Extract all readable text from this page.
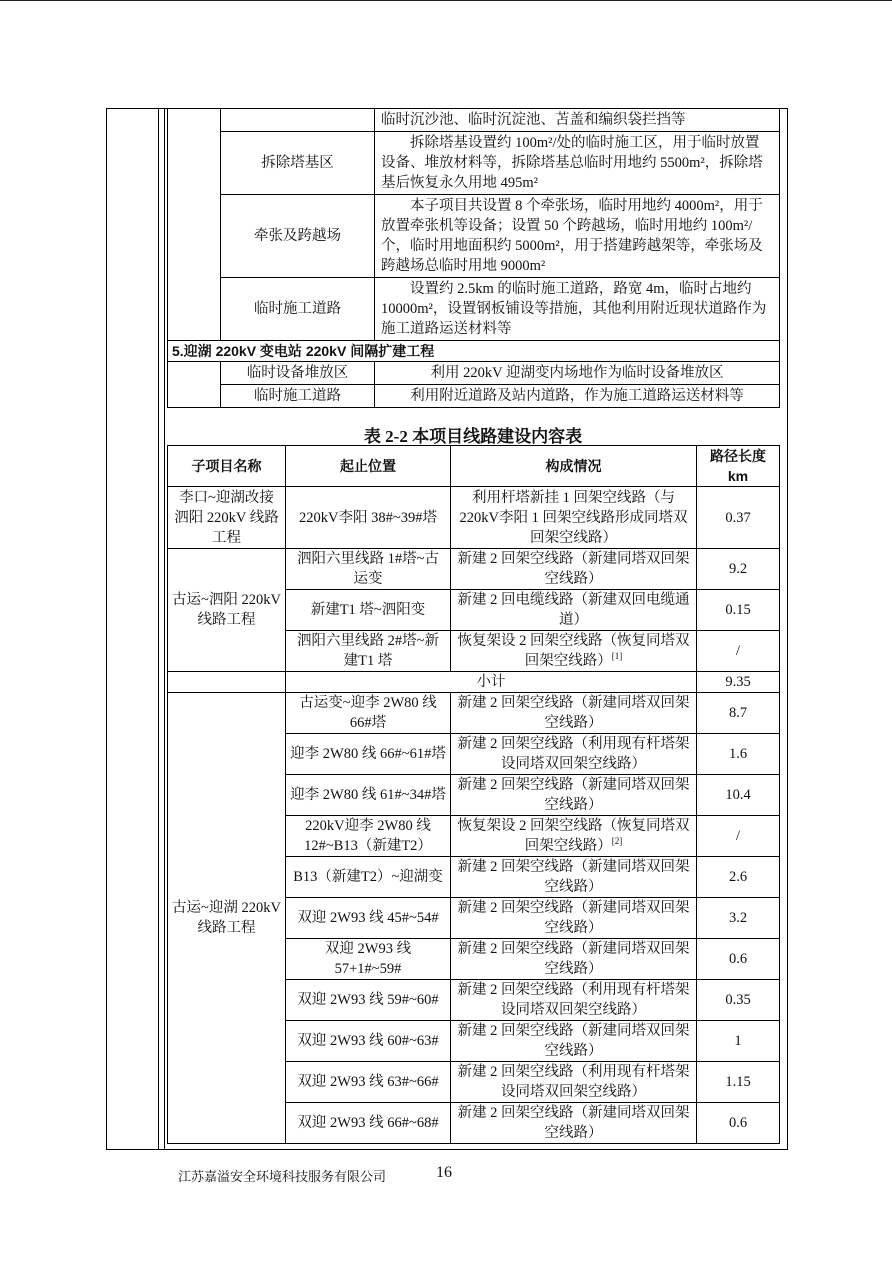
		临时沉沙池、临时沉淀池、苫盖和编织袋拦挡等
	拆除塔基区	拆除塔基设置约 100m²/处的临时施工区，用于临时放置设备、堆放材料等，拆除塔基总临时用地约 5500m²，拆除塔基后恢复永久用地 495m²
	牵张及跨越场	本子项目共设置 8 个牵张场，临时用地约 4000m²，用于放置牵张机等设备；设置 50 个跨越场，临时用地约 100m²/个，临时用地面积约 5000m²，用于搭建跨越架等，牵张场及跨越场总临时用地 9000m²
	临时施工道路	设置约 2.5km 的临时施工道路，路宽 4m，临时占地约 10000m²，设置钢板铺设等措施，其他利用附近现状道路作为施工道路运送材料等
5.迎湖 220kV 变电站 220kV 间隔扩建工程		
	临时设备堆放区	利用 220kV 迎湖变内场地作为临时设备堆放区
	临时施工道路	利用附近道路及站内道路，作为施工道路运送材料等
表 2-2 本项目线路建设内容表
子项目名称	起止位置	构成情况	路径长度km
李口~迎湖改接泗阳 220kV 线路工程	220kV李阳 38#~39#塔	利用杆塔新挂 1 回架空线路（与 220kV李阳 1 回架空线路形成同塔双回架空线路）	0.37
古运~泗阳 220kV线路工程	泗阳六里线路 1#塔~古运变	新建 2 回架空线路（新建同塔双回架空线路）	9.2
	新建T1 塔~泗阳变	新建 2 回电缆线路（新建双回电缆通道）	0.15
	泗阳六里线路 2#塔~新建T1 塔	恢复架设 2 回架空线路（恢复同塔双回架空线路）[1]	/
	小计		9.35
古运~迎湖 220kV线路工程	古运变~迎李 2W80 线 66#塔	新建 2 回架空线路（新建同塔双回架空线路）	8.7
	迎李 2W80 线 66#~61#塔	新建 2 回架空线路（利用现有杆塔架设同塔双回架空线路）	1.6
	迎李 2W80 线 61#~34#塔	新建 2 回架空线路（新建同塔双回架空线路）	10.4
	220kV迎李 2W80 线 12#~B13（新建T2）	恢复架设 2 回架空线路（恢复同塔双回架空线路）[2]	/
	B13（新建T2）~迎湖变	新建 2 回架空线路（新建同塔双回架空线路）	2.6
	双迎 2W93 线 45#~54#	新建 2 回架空线路（新建同塔双回架空线路）	3.2
	双迎 2W93 线 57+1#~59#	新建 2 回架空线路（新建同塔双回架空线路）	0.6
	双迎 2W93 线 59#~60#	新建 2 回架空线路（利用现有杆塔架设同塔双回架空线路）	0.35
	双迎 2W93 线 60#~63#	新建 2 回架空线路（新建同塔双回架空线路）	1
	双迎 2W93 线 63#~66#	新建 2 回架空线路（利用现有杆塔架设同塔双回架空线路）	1.15
	双迎 2W93 线 66#~68#	新建 2 回架空线路（新建同塔双回架空线路）	0.6
江苏嘉溢安全环境科技服务有限公司	16
